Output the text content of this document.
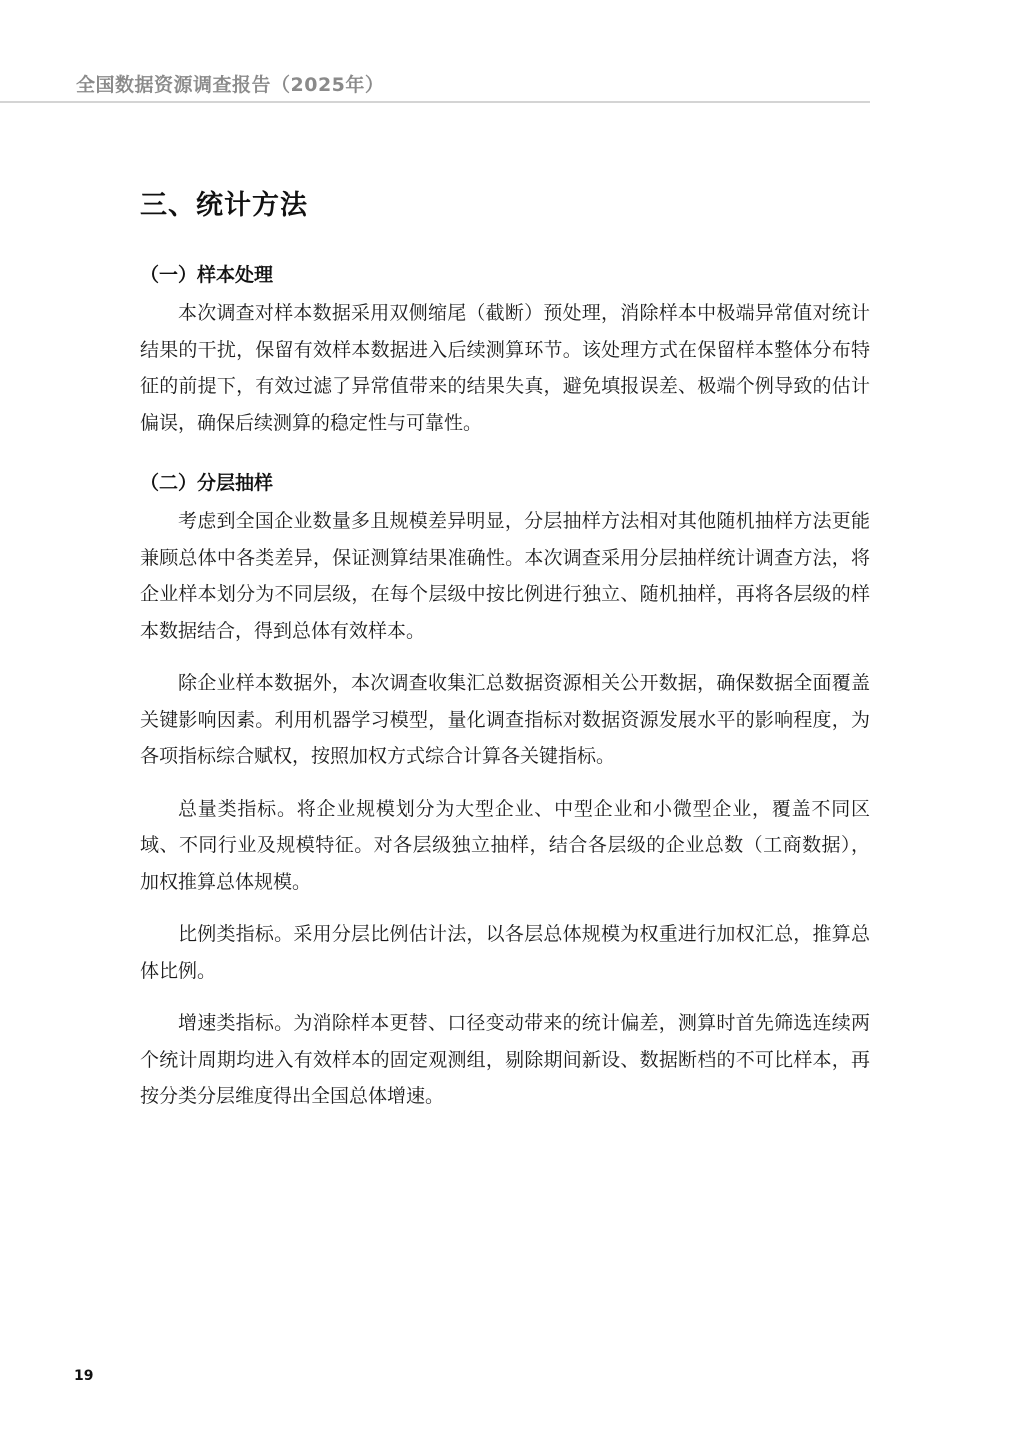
全国数据资源调查报告（2025年）
三、统计方法
（一）样本处理

本次调查对样本数据采用双侧缩尾（截断）预处理，消除样本中极端异常值对统计结果的干扰，保留有效样本数据进入后续测算环节。该处理方式在保留样本整体分布特征的前提下，有效过滤了异常值带来的结果失真，避免填报误差、极端个例导致的估计偏误，确保后续测算的稳定性与可靠性。

（二）分层抽样

考虑到全国企业数量多且规模差异明显，分层抽样方法相对其他随机抽样方法更能兼顾总体中各类差异，保证测算结果准确性。本次调查采用分层抽样统计调查方法，将企业样本划分为不同层级，在每个层级中按比例进行独立、随机抽样，再将各层级的样本数据结合，得到总体有效样本。

除企业样本数据外，本次调查收集汇总数据资源相关公开数据，确保数据全面覆盖关键影响因素。利用机器学习模型，量化调查指标对数据资源发展水平的影响程度，为各项指标综合赋权，按照加权方式综合计算各关键指标。

总量类指标。将企业规模划分为大型企业、中型企业和小微型企业，覆盖不同区域、不同行业及规模特征。对各层级独立抽样，结合各层级的企业总数（工商数据），加权推算总体规模。

比例类指标。采用分层比例估计法，以各层总体规模为权重进行加权汇总，推算总体比例。

增速类指标。为消除样本更替、口径变动带来的统计偏差，测算时首先筛选连续两个统计周期均进入有效样本的固定观测组，剔除期间新设、数据断档的不可比样本，再按分类分层维度得出全国总体增速。

19
